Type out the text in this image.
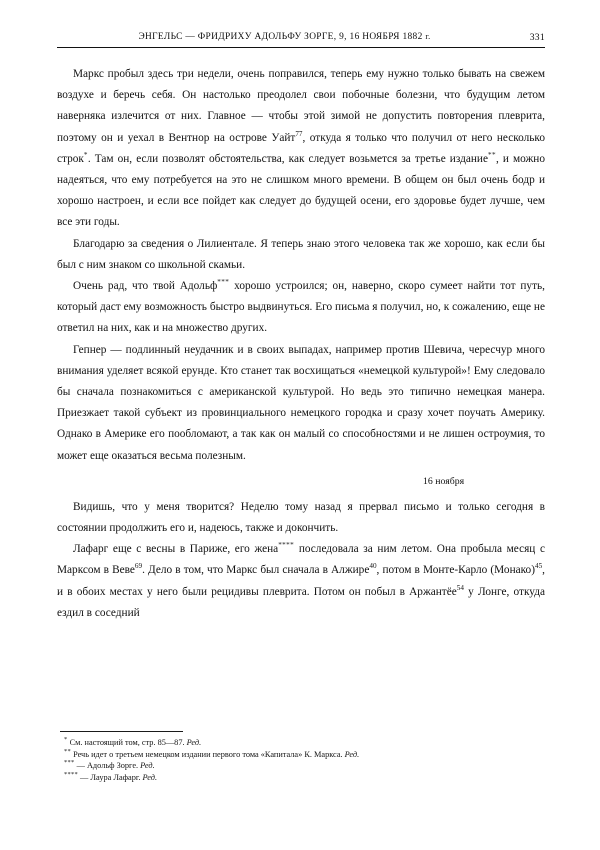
ЭНГЕЛЬС — ФРИДРИХУ АДОЛЬФУ ЗОРГЕ, 9, 16 НОЯБРЯ 1882 г.	331

Маркс пробыл здесь три недели, очень поправился, теперь ему нужно только бывать на свежем воздухе и беречь себя. Он настолько преодолел свои побочные болезни, что будущим летом наверняка излечится от них. Главное — чтобы этой зимой не допустить повторения плеврита, поэтому он и уехал в Вентнор на острове Уайт$^{77}$, откуда я только что получил от него несколько строк*. Там он, если позволят обстоятельства, как следует возьмется за третье издание**, и можно надеяться, что ему потребуется на это не слишком много времени. В общем он был очень бодр и хорошо настроен, и если все пойдет как следует до будущей осени, его здоровье будет лучше, чем все эти годы.

Благодарю за сведения о Лилиентале. Я теперь знаю этого человека так же хорошо, как если бы был с ним знаком со школьной скамьи.

Очень рад, что твой Адольф*** хорошо устроился; он, наверно, скоро сумеет найти тот путь, который даст ему возможность быстро выдвинуться. Его письма я получил, но, к сожалению, еще не ответил на них, как и на множество других.

Гепнер — подлинный неудачник и в своих выпадах, например против Шевича, чересчур много внимания уделяет всякой ерунде. Кто станет так восхищаться «немецкой культурой»! Ему следовало бы сначала познакомиться с американской культурой. Но ведь это типично немецкая манера. Приезжает такой субъект из провинциального немецкого городка и сразу хочет поучать Америку. Однако в Америке его пообломают, а так как он малый со способностями и не лишен остроумия, то может еще оказаться весьма полезным.

16 ноября

Видишь, что у меня творится? Неделю тому назад я прервал письмо и только сегодня в состоянии продолжить его и, надеюсь, также и докончить.

Лафарг еще с весны в Париже, его жена**** последовала за ним летом. Она пробыла месяц с Марксом в Веве$^{69}$. Дело в том, что Маркс был сначала в Алжире$^{40}$, потом в Монте-Карло (Монако)$^{45}$, и в обоих местах у него были рецидивы плеврита. Потом он побыл в Аржантёе$^{54}$ у Лонге, откуда ездил в соседний

* См. настоящий том, стр. 85—87. Ред.

** Речь идет о третьем немецком издании первого тома «Капитала» К. Маркса. Ред.

*** — Адольф Зорге. Ред.

**** — Лаура Лафарг. Ред.
